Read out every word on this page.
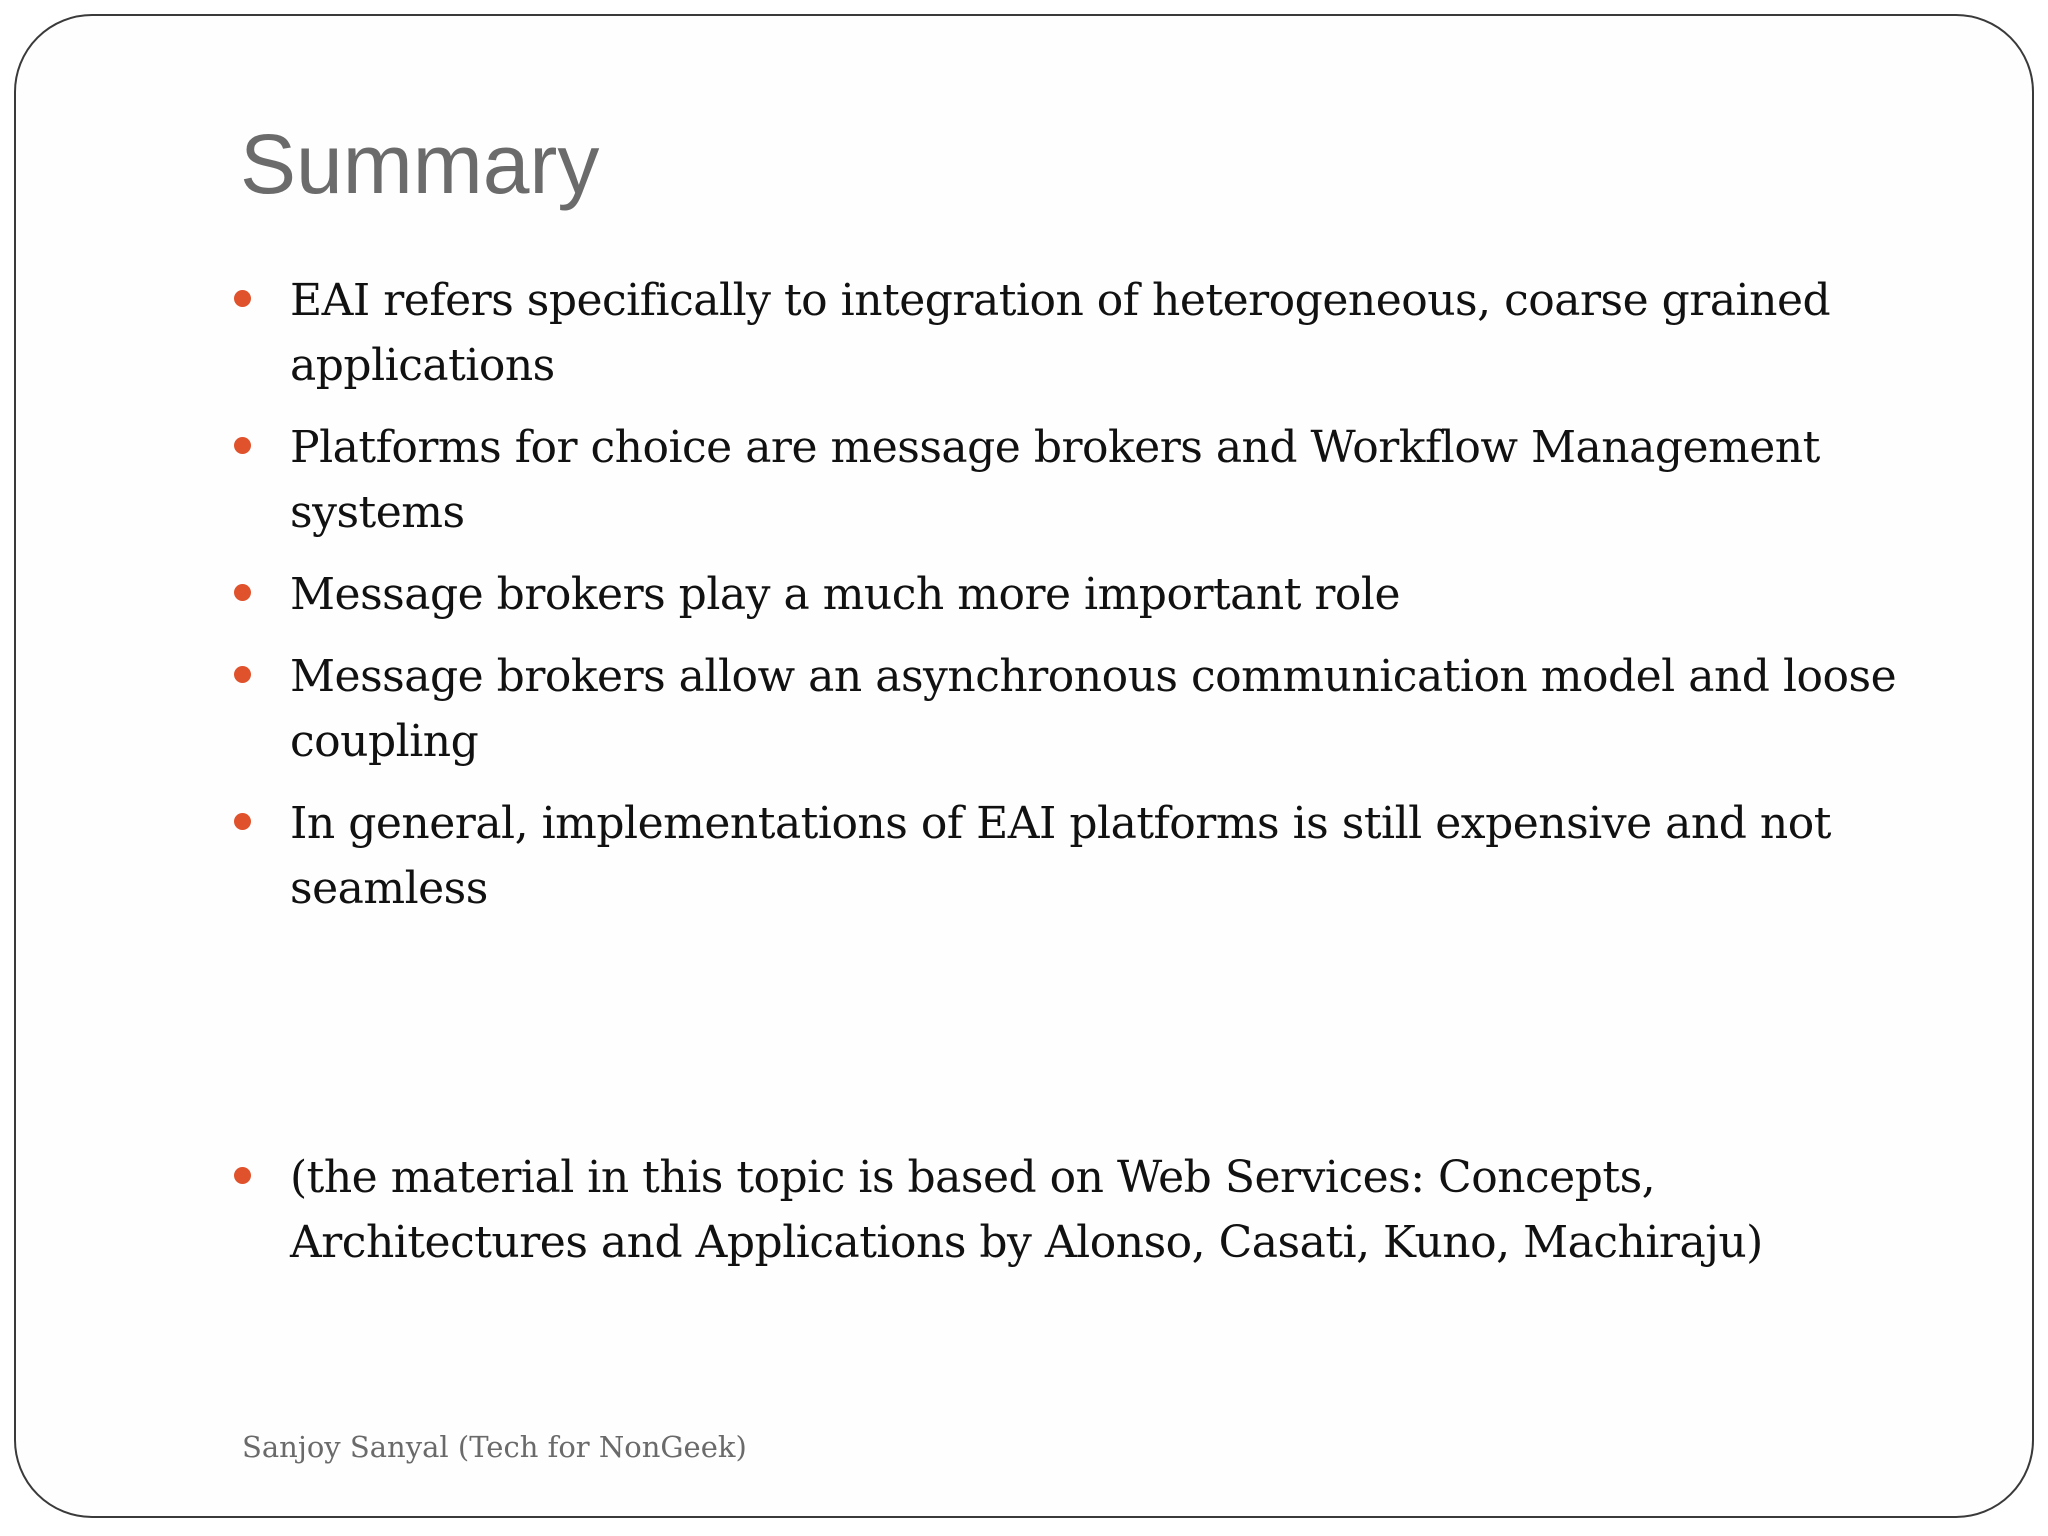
Summary
EAI refers specifically to integration of heterogeneous, coarse grained applications
Platforms for choice are message brokers and Workflow Management systems
Message brokers play a much more important role
Message brokers allow an asynchronous communication model and loose coupling
In general, implementations of EAI platforms is still expensive and not seamless
(the material in this topic is based on Web Services: Concepts, Architectures and Applications by Alonso, Casati, Kuno, Machiraju)

Sanjoy Sanyal (Tech for NonGeek)
